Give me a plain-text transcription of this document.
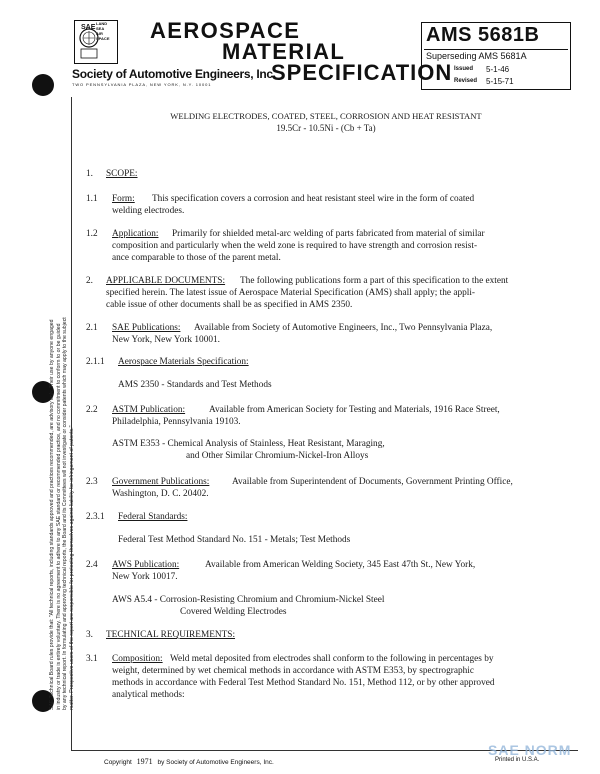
LAND
SEA
AIR
SPACE
SAE AEROSPACE
MATERIAL
SPECIFICATION
Society of Automotive Engineers, Inc.
TWO PENNSYLVANIA PLAZA, NEW YORK, N.Y. 10001
AMS 5681B
Superseding AMS 5681A
Issued 5-1-46
Revised 5-15-71
SAE Technical Board rules provide that: "All technical reports, including standards approved and practices recommended, are advisory only. Their use by anyone engaged in industry or trade is entirely voluntary. There is no agreement to adhere to any SAE standard or recommended practice, and no commitment to conform to or be guided by any technical report. In formulating and approving technical reports, the Board and its Committees will not investigate or consider patents which may apply to the subject matter. Prospective users of the report are responsible for protecting themselves against liability for infringement of patents."
WELDING ELECTRODES, COATED, STEEL, CORROSION AND HEAT RESISTANT
19.5Cr - 10.5Ni - (Cb + Ta)
1. SCOPE:
1.1 Form: This specification covers a corrosion and heat resistant steel wire in the form of coated
welding electrodes.
1.2 Application: Primarily for shielded metal-arc welding of parts fabricated from material of similar
composition and particularly when the weld zone is required to have strength and corrosion resist-
ance comparable to those of the parent metal.
2. APPLICABLE DOCUMENTS: The following publications form a part of this specification to the extent
specified herein. The latest issue of Aerospace Material Specification (AMS) shall apply; the appli-
cable issue of other documents shall be as specified in AMS 2350.
2.1 SAE Publications: Available from Society of Automotive Engineers, Inc., Two Pennsylvania Plaza,
New York, New York 10001.
2.1.1 Aerospace Materials Specification:
AMS 2350 - Standards and Test Methods
2.2 ASTM Publication:	Available from American Society for Testing and Materials, 1916 Race Street,
Philadelphia, Pennsylvania 19103.
ASTM E353 - Chemical Analysis of Stainless, Heat Resistant, Maraging,
and Other Similar Chromium-Nickel-Iron Alloys
2.3 Government Publications: Available from Superintendent of Documents, Government Printing Office,
Washington, D. C. 20402.
2.3.1 Federal Standards:
Federal Test Method Standard No. 151 - Metals; Test Methods
2.4 AWS Publication:	Available from American Welding Society, 345 East 47th St., New York,
New York 10017.
AWS A5.4 - Corrosion-Resisting Chromium and Chromium-Nickel Steel
Covered Welding Electrodes
3. TECHNICAL REQUIREMENTS:
3.1 Composition: Weld metal deposited from electrodes shall conform to the following in percentages by
weight, determined by wet chemical methods in accordance with ASTM E353, by spectrographic
methods in accordance with Federal Test Method Standard No. 151, Method 112, or by other approved
analytical methods:
Copyright 1971 by Society of Automotive Engineers, Inc.
SAE NORM
Printed in U.S.A.
